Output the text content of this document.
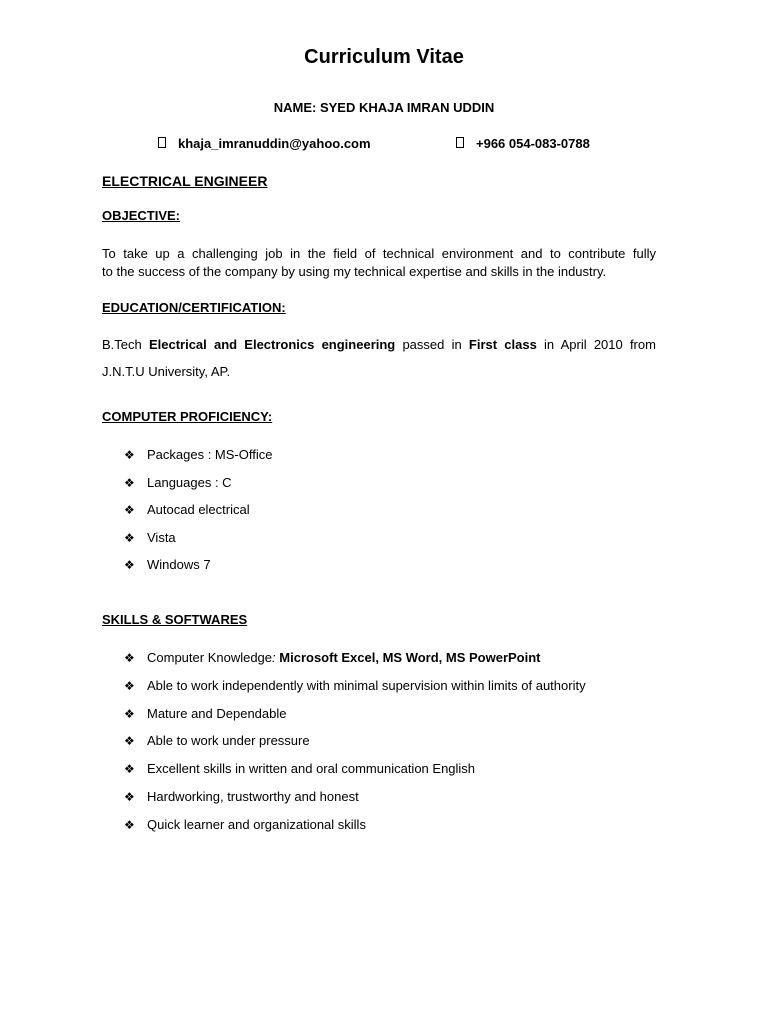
Curriculum Vitae
NAME: SYED KHAJA IMRAN UDDIN
khaja_imranuddin@yahoo.com	+966 054-083-0788
ELECTRICAL ENGINEER
OBJECTIVE:
To take up a challenging job in the field of technical environment and to contribute fully
to the success of the company by using my technical expertise and skills in the industry.
EDUCATION/CERTIFICATION:
B.Tech Electrical and Electronics engineering passed in First class in April 2010 from
J.N.T.U University, AP.
COMPUTER PROFICIENCY:
❖ Packages : MS-Office
❖ Languages : C
❖ Autocad electrical
❖ Vista
❖ Windows 7
SKILLS & SOFTWARES
❖ Computer Knowledge: Microsoft Excel, MS Word, MS PowerPoint
❖ Able to work independently with minimal supervision within limits of authority
❖ Mature and Dependable
❖ Able to work under pressure
❖ Excellent skills in written and oral communication English
❖ Hardworking, trustworthy and honest
❖ Quick learner and organizational skills
